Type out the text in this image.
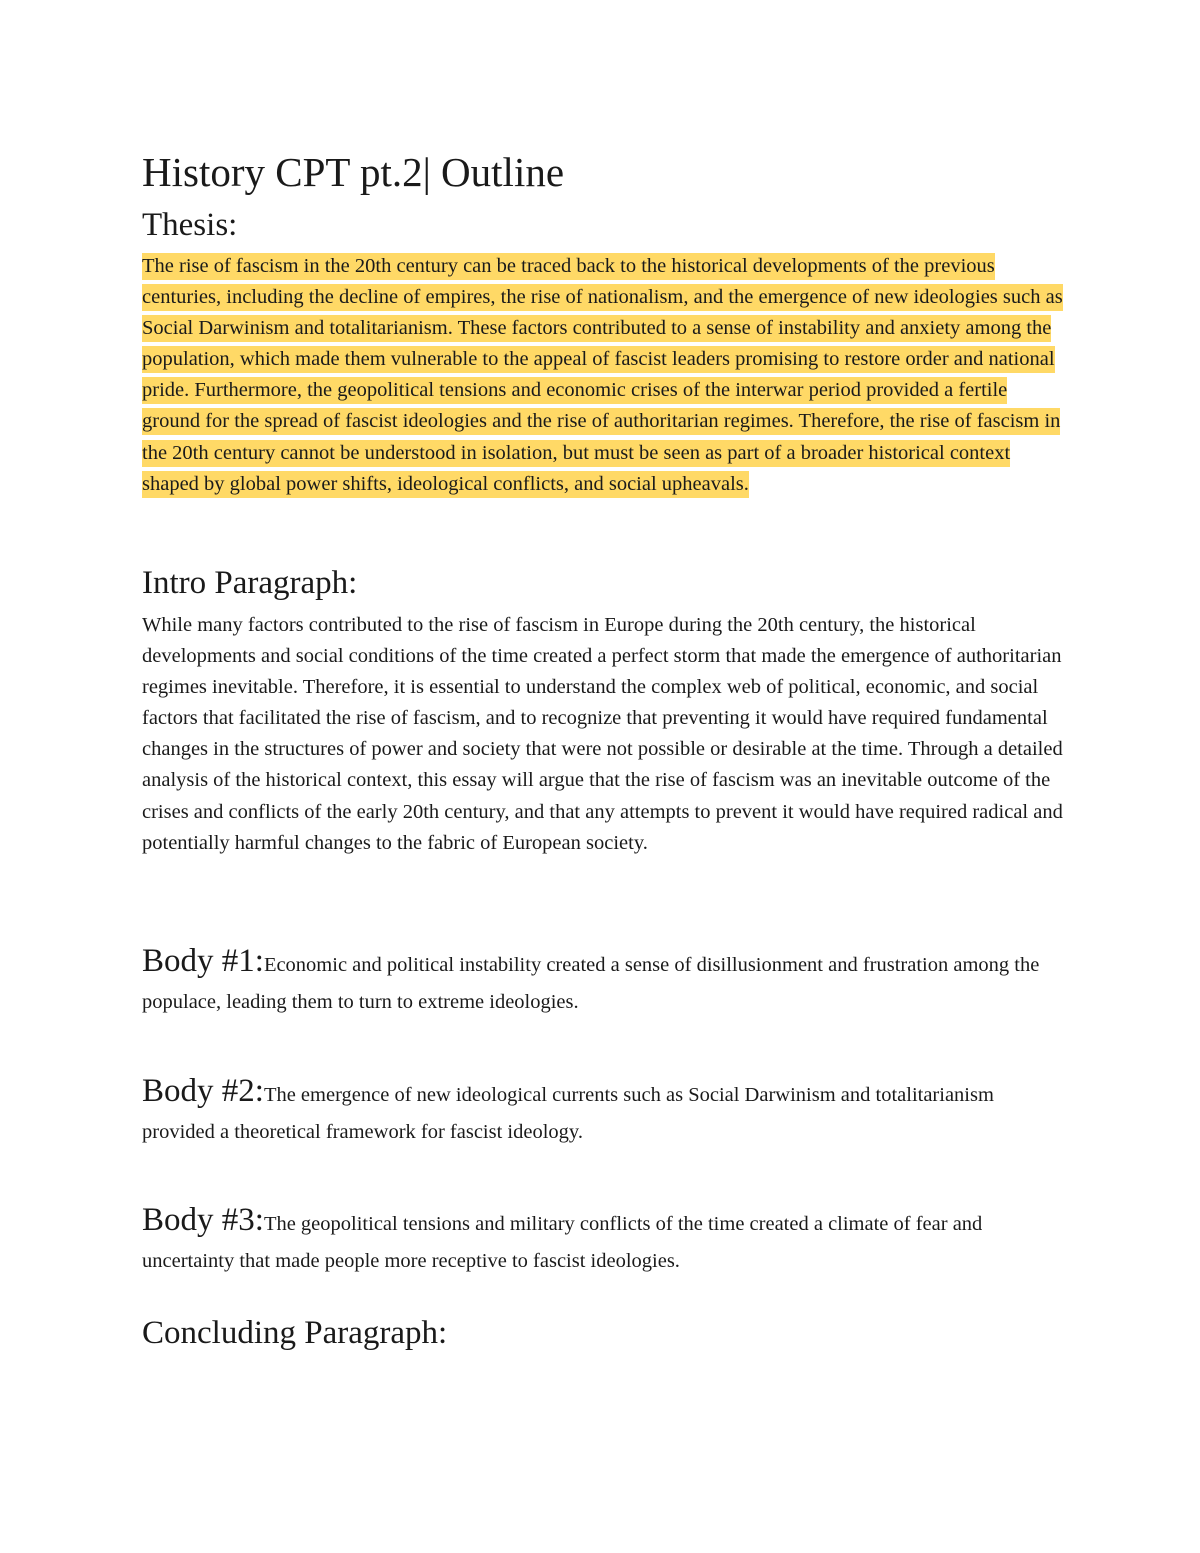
History CPT pt.2| Outline
Thesis:

The rise of fascism in the 20th century can be traced back to the historical developments of the previous centuries, including the decline of empires, the rise of nationalism, and the emergence of new ideologies such as Social Darwinism and totalitarianism. These factors contributed to a sense of instability and anxiety among the population, which made them vulnerable to the appeal of fascist leaders promising to restore order and national pride. Furthermore, the geopolitical tensions and economic crises of the interwar period provided a fertile ground for the spread of fascist ideologies and the rise of authoritarian regimes. Therefore, the rise of fascism in the 20th century cannot be understood in isolation, but must be seen as part of a broader historical context shaped by global power shifts, ideological conflicts, and social upheavals.

Intro Paragraph:

While many factors contributed to the rise of fascism in Europe during the 20th century, the historical developments and social conditions of the time created a perfect storm that made the emergence of authoritarian regimes inevitable. Therefore, it is essential to understand the complex web of political, economic, and social factors that facilitated the rise of fascism, and to recognize that preventing it would have required fundamental changes in the structures of power and society that were not possible or desirable at the time. Through a detailed analysis of the historical context, this essay will argue that the rise of fascism was an inevitable outcome of the crises and conflicts of the early 20th century, and that any attempts to prevent it would have required radical and potentially harmful changes to the fabric of European society.

Body #1:Economic and political instability created a sense of disillusionment and frustration among the populace, leading them to turn to extreme ideologies.

Body #2:The emergence of new ideological currents such as Social Darwinism and totalitarianism provided a theoretical framework for fascist ideology.

Body #3:The geopolitical tensions and military conflicts of the time created a climate of fear and uncertainty that made people more receptive to fascist ideologies.

Concluding Paragraph:
